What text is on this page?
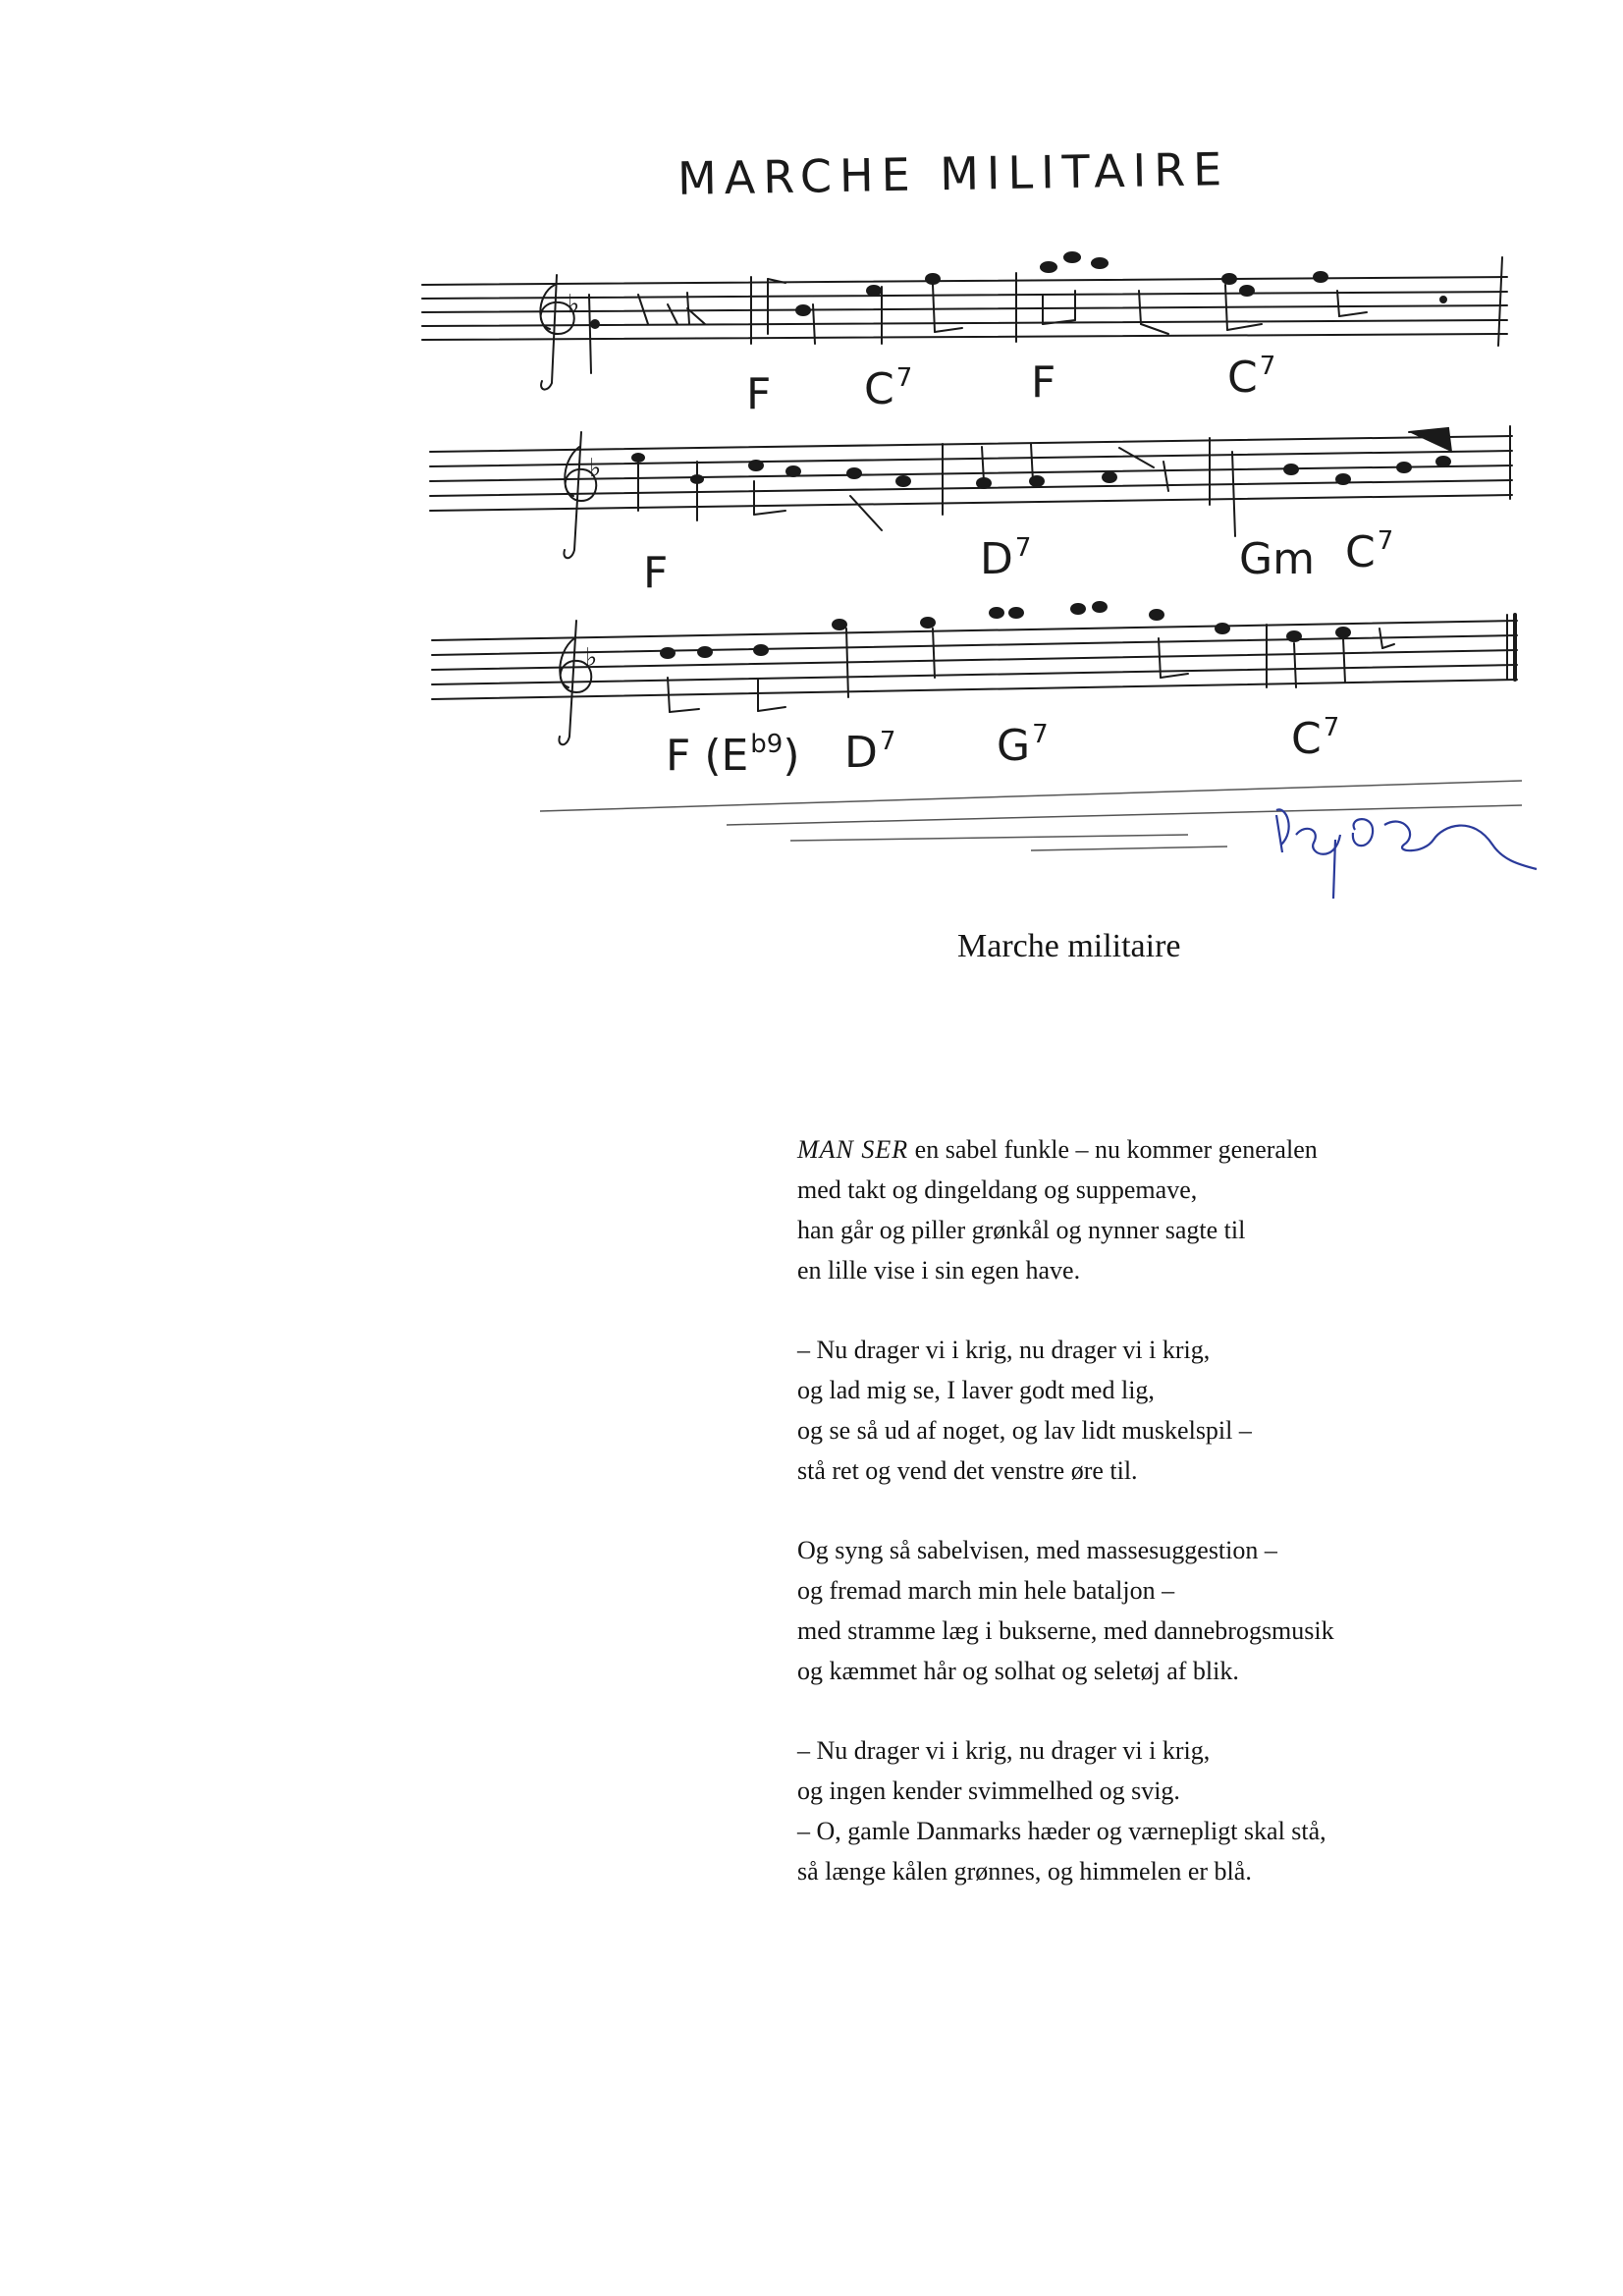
MARCHE MILITAIRE
♭
♭
♭
F $C^7$	F	$C^7$
F	$D^7$	Gm $C^7$
F $(E^{b9})$ $D^7$ $G^7$	$C^7$
Marche militaire
MAN SER en sabel funkle – nu kommer generalen
med takt og dingeldang og suppemave,
han går og piller grønkål og nynner sagte til
en lille vise i sin egen have.
– Nu drager vi i krig, nu drager vi i krig,
og lad mig se, I laver godt med lig,
og se så ud af noget, og lav lidt muskelspil –
stå ret og vend det venstre øre til.
Og syng så sabelvisen, med massesuggestion –
og fremad march min hele bataljon –
med stramme læg i bukserne, med dannebrogsmusik
og kæmmet hår og solhat og seletøj af blik.
– Nu drager vi i krig, nu drager vi i krig,
og ingen kender svimmelhed og svig.
– O, gamle Danmarks hæder og værnepligt skal stå,
så længe kålen grønnes, og himmelen er blå.
